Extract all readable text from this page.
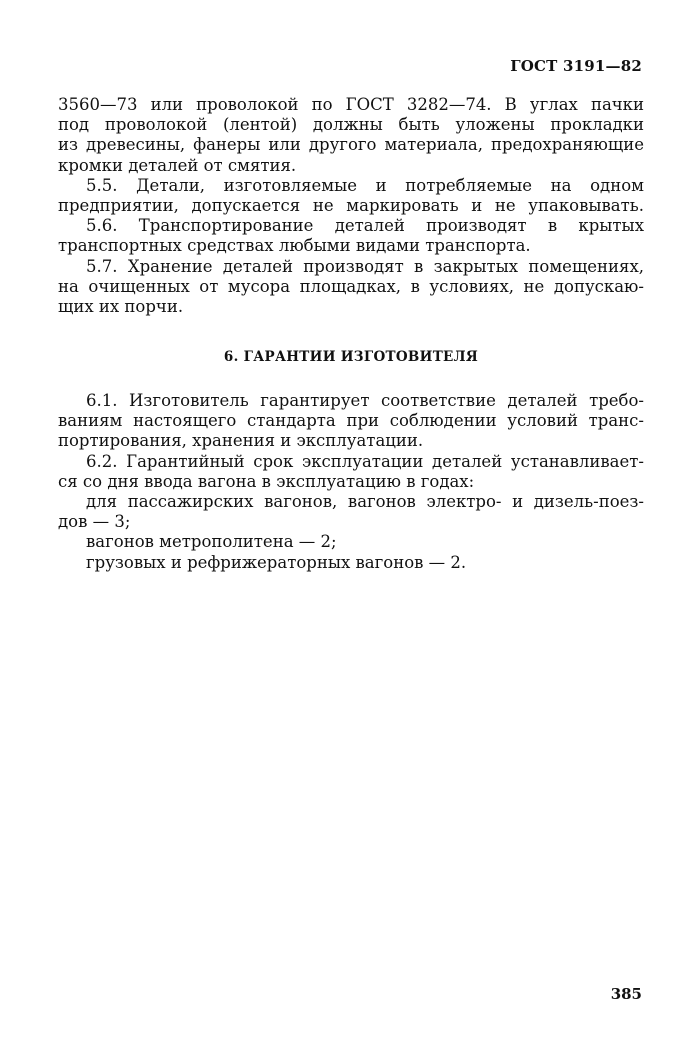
ГОСТ 3191—82
3560—73 или проволокой по ГОСТ 3282—74. В углах пачки
под проволокой (лентой) должны быть уложены прокладки
из древесины, фанеры или другого материала, предохраняющие
кромки деталей от смятия.
5.5. Детали, изготовляемые и потребляемые на одном
предприятии, допускается не маркировать и не упаковывать.
5.6. Транспортирование деталей производят в крытых
транспортных средствах любыми видами транспорта.
5.7. Хранение деталей производят в закрытых помещениях,
на очищенных от мусора площадках, в условиях, не допускаю-
щих их порчи.
6. ГАРАНТИИ ИЗГОТОВИТЕЛЯ
6.1. Изготовитель гарантирует соответствие деталей требо-
ваниям настоящего стандарта при соблюдении условий транс-
портирования, хранения и эксплуатации.
6.2. Гарантийный срок эксплуатации деталей устанавливает-
ся со дня ввода вагона в эксплуатацию в годах:
для пассажирских вагонов, вагонов электро- и дизель-поез-
дов — 3;
вагонов метрополитена — 2;
грузовых и рефрижераторных вагонов — 2.
385
